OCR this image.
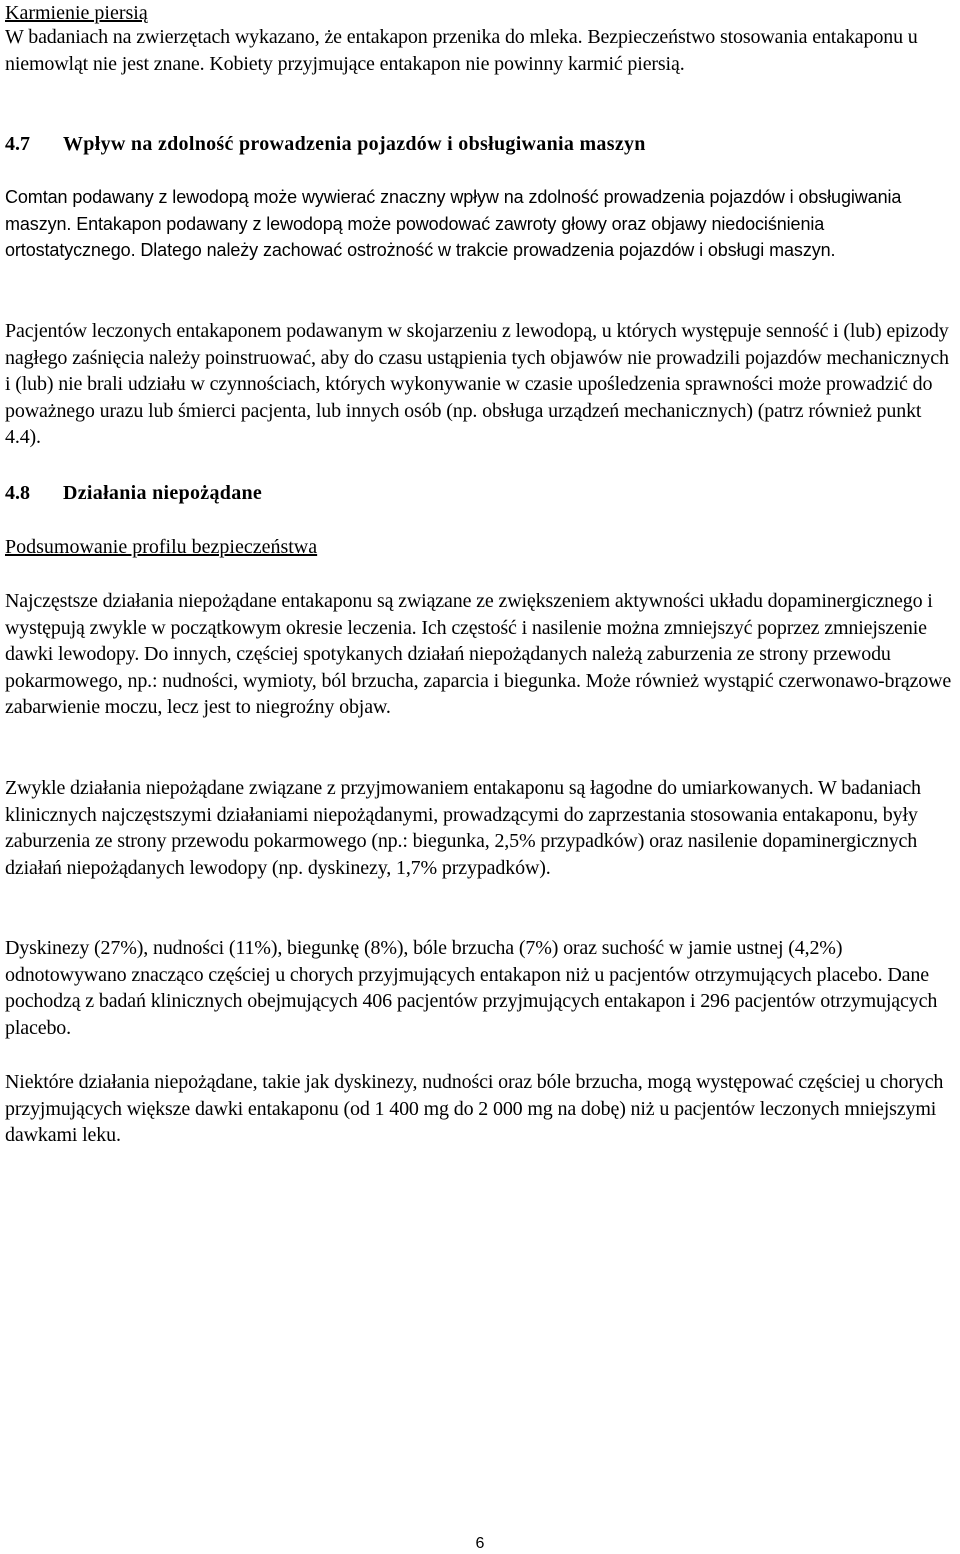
Karmienie piersią

W badaniach na zwierzętach wykazano, że entakapon przenika do mleka. Bezpieczeństwo stosowania entakaponu u niemowląt nie jest znane. Kobiety przyjmujące entakapon nie powinny karmić piersią.

4.7	Wpływ na zdolność prowadzenia pojazdów i obsługiwania maszyn

Comtan podawany z lewodopą może wywierać znaczny wpływ na zdolność prowadzenia pojazdów i obsługiwania maszyn. Entakapon podawany z lewodopą może powodować zawroty głowy oraz objawy niedociśnienia ortostatycznego. Dlatego należy zachować ostrożność w trakcie prowadzenia pojazdów i obsługi maszyn.

Pacjentów leczonych entakaponem podawanym w skojarzeniu z lewodopą, u których występuje senność i (lub) epizody nagłego zaśnięcia należy poinstruować, aby do czasu ustąpienia tych objawów nie prowadzili pojazdów mechanicznych i (lub) nie brali udziału w czynnościach, których wykonywanie w czasie upośledzenia sprawności może prowadzić do poważnego urazu lub śmierci pacjenta, lub innych osób (np. obsługa urządzeń mechanicznych) (patrz również punkt 4.4).

4.8	Działania niepożądane
Podsumowanie profilu bezpieczeństwa

Najczęstsze działania niepożądane entakaponu są związane ze zwiększeniem aktywności układu dopaminergicznego i występują zwykle w początkowym okresie leczenia. Ich częstość i nasilenie można zmniejszyć poprzez zmniejszenie dawki lewodopy. Do innych, częściej spotykanych działań niepożądanych należą zaburzenia ze strony przewodu pokarmowego, np.: nudności, wymioty, ból brzucha, zaparcia i biegunka. Może również wystąpić czerwonawo-brązowe zabarwienie moczu, lecz jest to niegroźny objaw.

Zwykle działania niepożądane związane z przyjmowaniem entakaponu są łagodne do umiarkowanych. W badaniach klinicznych najczęstszymi działaniami niepożądanymi, prowadzącymi do zaprzestania stosowania entakaponu, były zaburzenia ze strony przewodu pokarmowego (np.: biegunka, 2,5% przypadków) oraz nasilenie dopaminergicznych działań niepożądanych lewodopy (np. dyskinezy, 1,7% przypadków).

Dyskinezy (27%), nudności (11%), biegunkę (8%), bóle brzucha (7%) oraz suchość w jamie ustnej (4,2%) odnotowywano znacząco częściej u chorych przyjmujących entakapon niż u pacjentów otrzymujących placebo. Dane pochodzą z badań klinicznych obejmujących 406 pacjentów przyjmujących entakapon i 296 pacjentów otrzymujących placebo.

Niektóre działania niepożądane, takie jak dyskinezy, nudności oraz bóle brzucha, mogą występować częściej u chorych przyjmujących większe dawki entakaponu (od 1 400 mg do 2 000 mg na dobę) niż u pacjentów leczonych mniejszymi dawkami leku.

6
